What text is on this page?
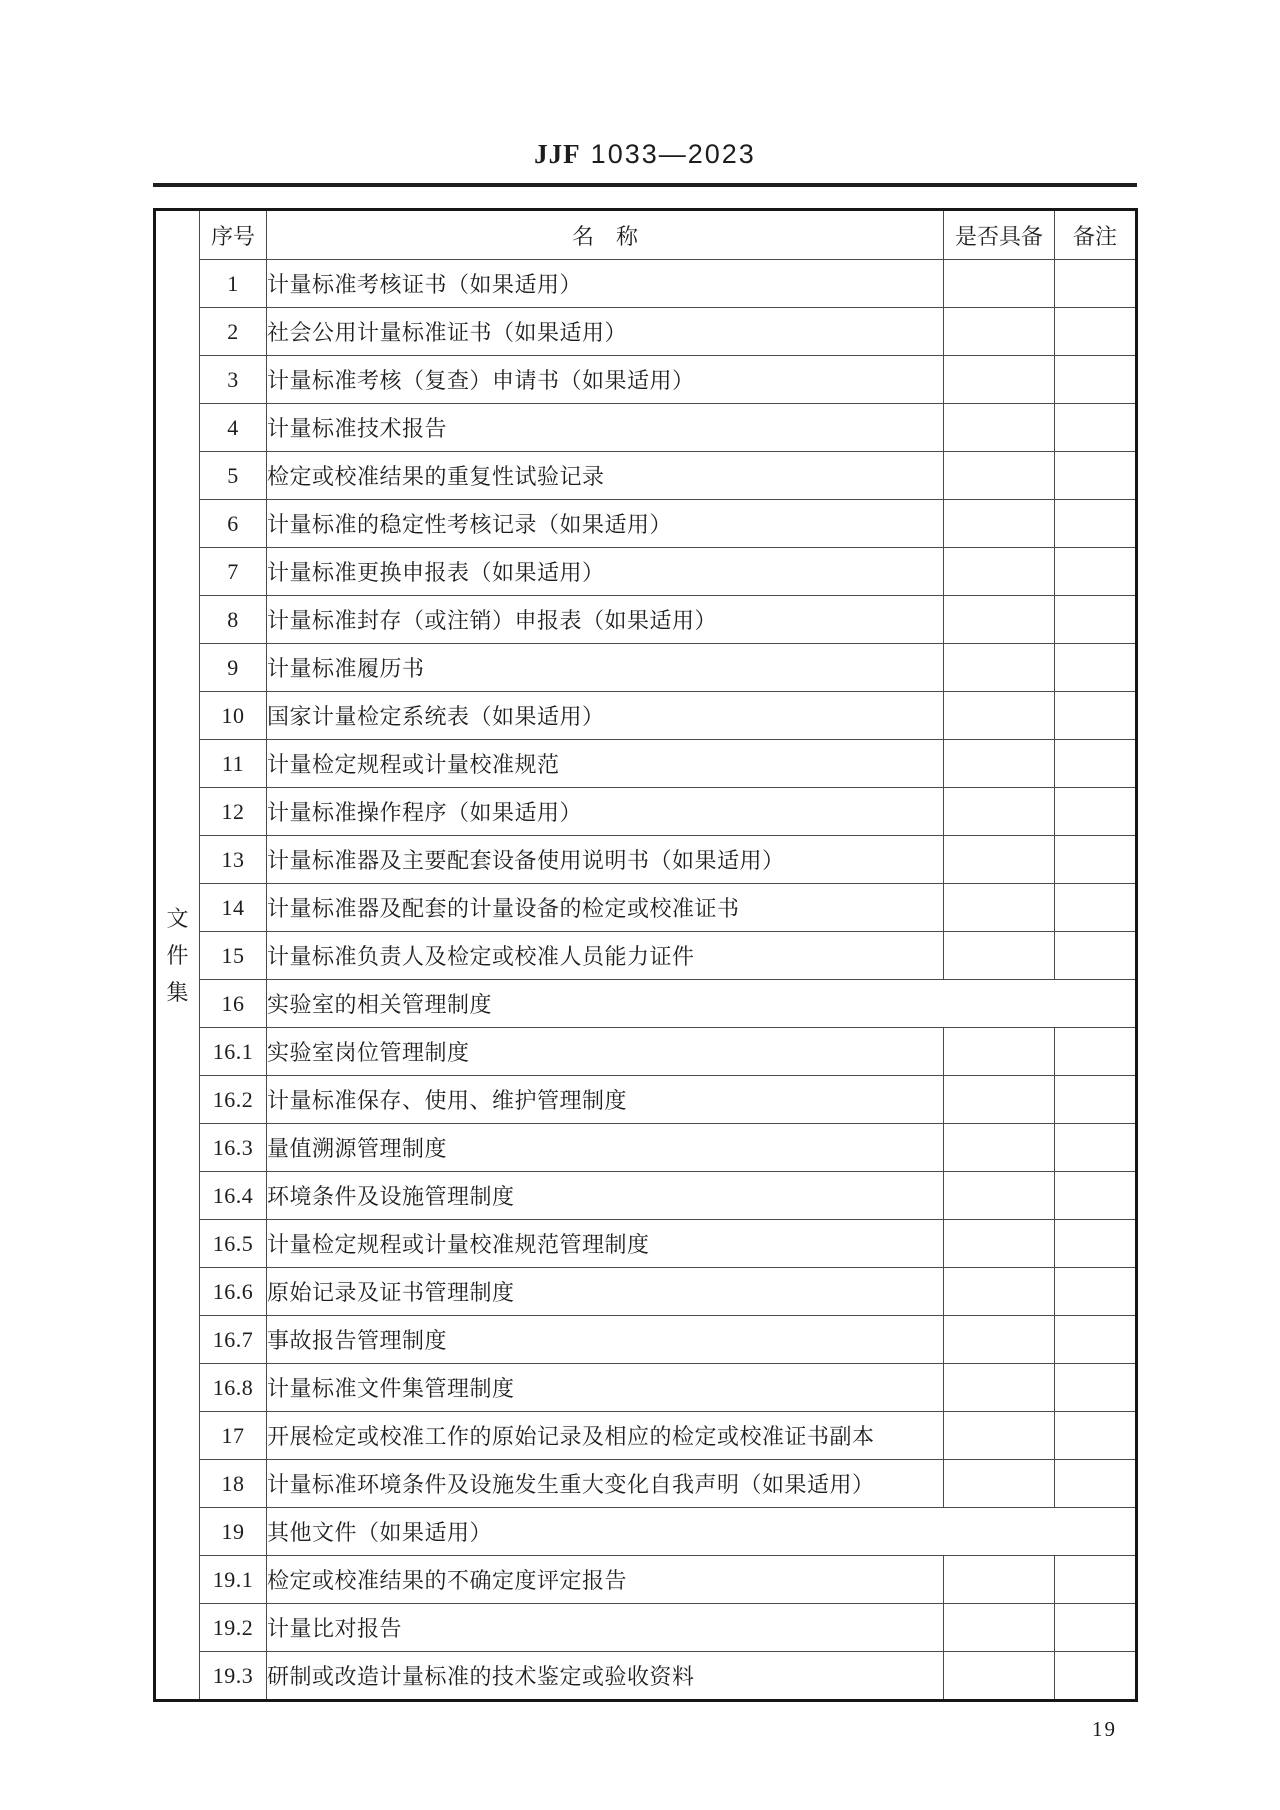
JJF 1033—2023
文
件
集	序号	名　称	是否具备	备注
	1	计量标准考核证书（如果适用）		
	2	社会公用计量标准证书（如果适用）		
	3	计量标准考核（复查）申请书（如果适用）		
	4	计量标准技术报告		
	5	检定或校准结果的重复性试验记录		
	6	计量标准的稳定性考核记录（如果适用）		
	7	计量标准更换申报表（如果适用）		
	8	计量标准封存（或注销）申报表（如果适用）		
	9	计量标准履历书		
	10	国家计量检定系统表（如果适用）		
	11	计量检定规程或计量校准规范		
	12	计量标准操作程序（如果适用）		
	13	计量标准器及主要配套设备使用说明书（如果适用）		
	14	计量标准器及配套的计量设备的检定或校准证书		
	15	计量标准负责人及检定或校准人员能力证件		
	16	实验室的相关管理制度		
	16.1	实验室岗位管理制度		
	16.2	计量标准保存、使用、维护管理制度		
	16.3	量值溯源管理制度		
	16.4	环境条件及设施管理制度		
	16.5	计量检定规程或计量校准规范管理制度		
	16.6	原始记录及证书管理制度		
	16.7	事故报告管理制度		
	16.8	计量标准文件集管理制度		
	17	开展检定或校准工作的原始记录及相应的检定或校准证书副本		
	18	计量标准环境条件及设施发生重大变化自我声明（如果适用）		
	19	其他文件（如果适用）		
	19.1	检定或校准结果的不确定度评定报告		
	19.2	计量比对报告		
	19.3	研制或改造计量标准的技术鉴定或验收资料		
19
